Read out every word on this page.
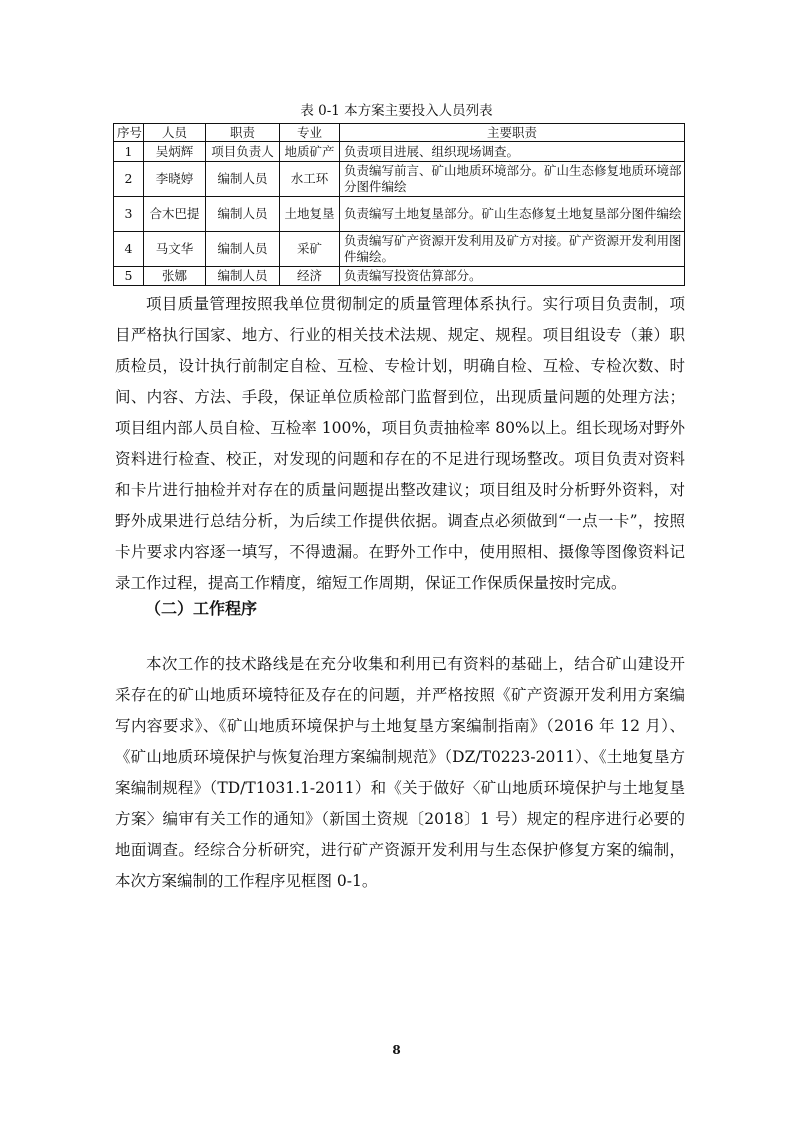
表 0-1 本方案主要投入人员列表
序号	人员	职责	专业	主要职责
1	吴炳辉	项目负责人	地质矿产	负责项目进展、组织现场调查。
2	李晓婷	编制人员	水工环	负责编写前言、矿山地质环境部分。矿山生态修复地质环境部分图件编绘
3	合木巴提	编制人员	土地复垦	负责编写土地复垦部分。矿山生态修复土地复垦部分图件编绘
4	马文华	编制人员	采矿	负责编写矿产资源开发利用及矿方对接。矿产资源开发利用图件编绘。
5	张娜	编制人员	经济	负责编写投资估算部分。

项目质量管理按照我单位贯彻制定的质量管理体系执行。实行项目负责制，项目严格执行国家、地方、行业的相关技术法规、规定、规程。项目组设专（兼）职质检员，设计执行前制定自检、互检、专检计划，明确自检、互检、专检次数、时间、内容、方法、手段，保证单位质检部门监督到位，出现质量问题的处理方法；项目组内部人员自检、互检率 100%，项目负责抽检率 80%以上。组长现场对野外资料进行检查、校正，对发现的问题和存在的不足进行现场整改。项目负责对资料和卡片进行抽检并对存在的质量问题提出整改建议；项目组及时分析野外资料，对野外成果进行总结分析，为后续工作提供依据。调查点必须做到“一点一卡”，按照卡片要求内容逐一填写，不得遗漏。在野外工作中，使用照相、摄像等图像资料记录工作过程，提高工作精度，缩短工作周期，保证工作保质保量按时完成。

（二）工作程序

本次工作的技术路线是在充分收集和利用已有资料的基础上，结合矿山建设开采存在的矿山地质环境特征及存在的问题，并严格按照《矿产资源开发利用方案编写内容要求》、《矿山地质环境保护与土地复垦方案编制指南》（2016 年 12 月）、《矿山地质环境保护与恢复治理方案编制规范》（DZ/T0223-2011）、《土地复垦方案编制规程》（TD/T1031.1-2011）和《关于做好〈矿山地质环境保护与土地复垦方案〉编审有关工作的通知》（新国土资规〔2018〕1 号）规定的程序进行必要的地面调查。经综合分析研究，进行矿产资源开发利用与生态保护修复方案的编制，本次方案编制的工作程序见框图 0-1。

8
